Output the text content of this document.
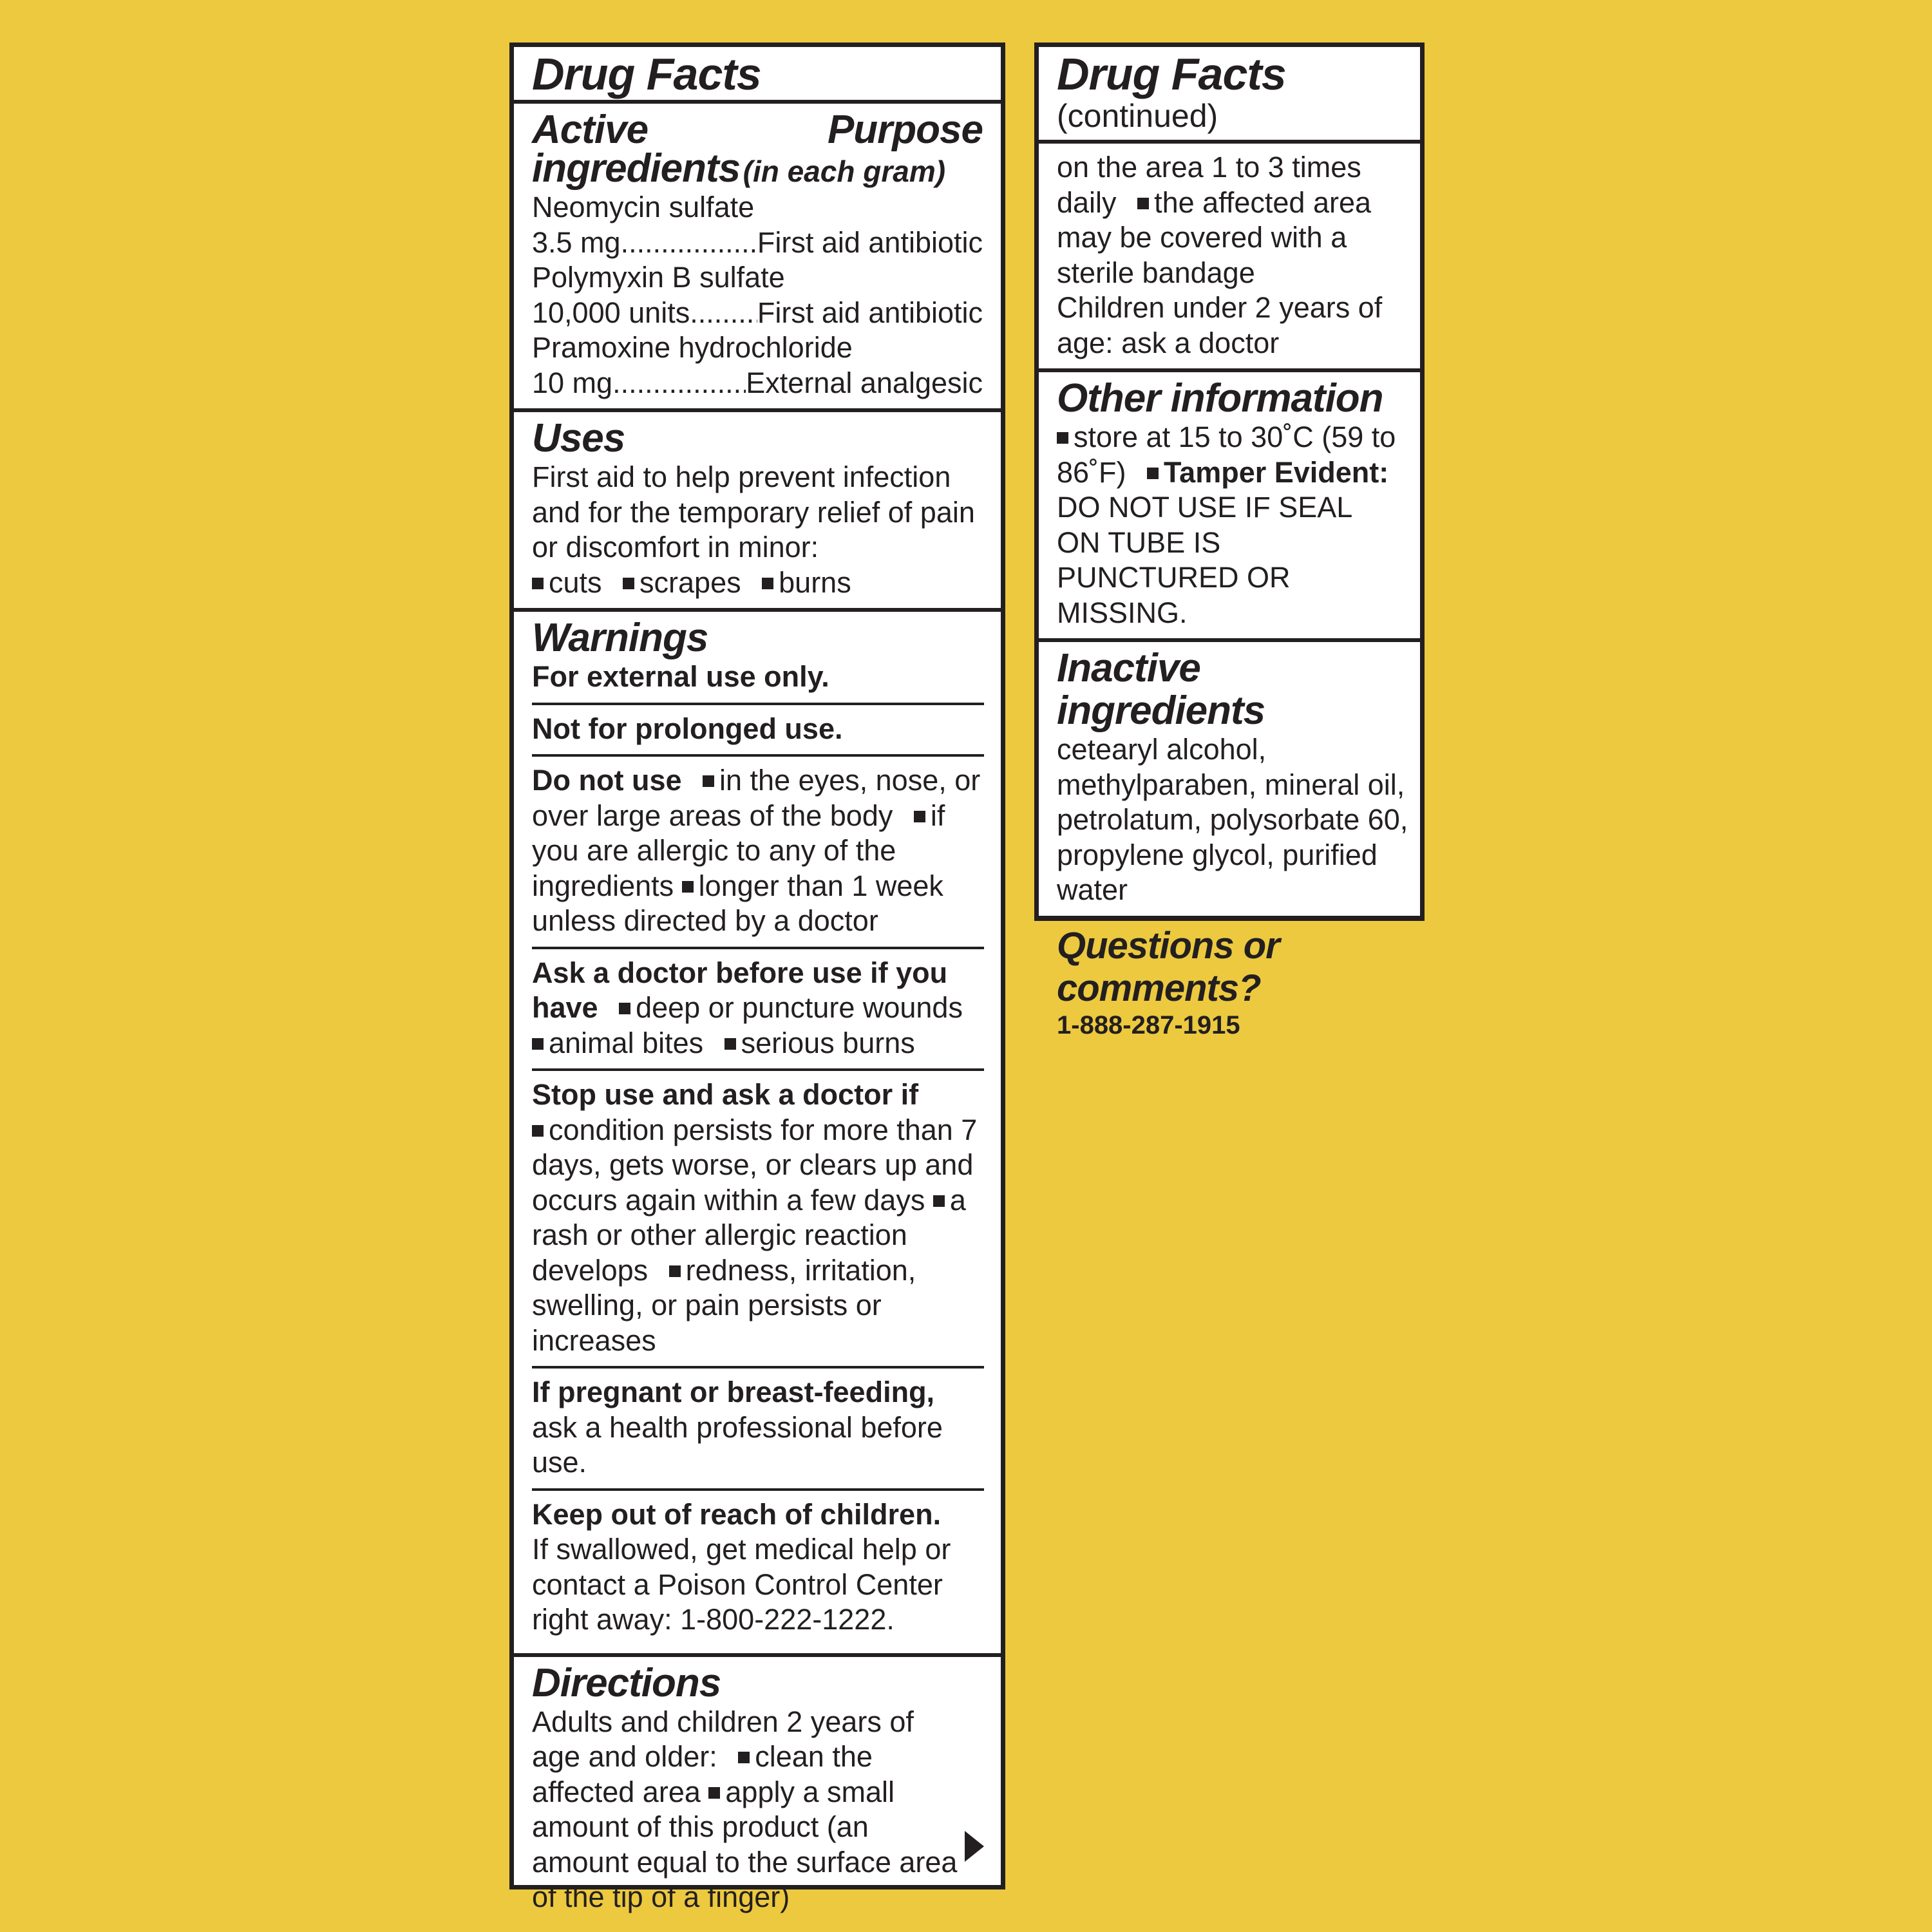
Drug Facts
Active	Purpose
ingredients (in each gram)
Neomycin sulfate
3.5 mg .....	First aid antibiotic
Polymyxin B sulfate
10,000 units ..... First aid antibiotic
Pramoxine hydrochloride
10 mg .....	External analgesic
Uses
First aid to help prevent infection and for the temporary relief of pain or discomfort in minor:
cuts scrapes burns
Warnings
For external use only.
Not for prolonged use.
Do not use in the eyes, nose, or over large areas of the body if you are allergic to any of the ingredients longer than 1 week unless directed by a doctor
Ask a doctor before use if you have deep or puncture wounds animal bites serious burns
Stop use and ask a doctor if
condition persists for more than 7 days, gets worse, or clears up and occurs again within a few days a rash or other allergic reaction develops redness, irritation, swelling, or pain persists or increases
If pregnant or breast-feeding, ask a health professional before use.
Keep out of reach of children.
If swallowed, get medical help or contact a Poison Control Center right away: 1-800-222-1222.
Directions
Adults and children 2 years of age and older: clean the affected area apply a small amount of this product (an amount equal to the surface area of the tip of a finger)
Drug Facts
(continued)
on the area 1 to 3 times daily the affected area may be covered with a sterile bandage
Children under 2 years of age: ask a doctor
Other information
store at 15 to 30˚C (59 to 86˚F) Tamper Evident: DO NOT USE IF SEAL ON TUBE IS PUNCTURED OR MISSING.
Inactive ingredients
cetearyl alcohol, methylparaben, mineral oil, petrolatum, polysorbate 60, propylene glycol, purified water
Questions or comments?
1-888-287-1915
